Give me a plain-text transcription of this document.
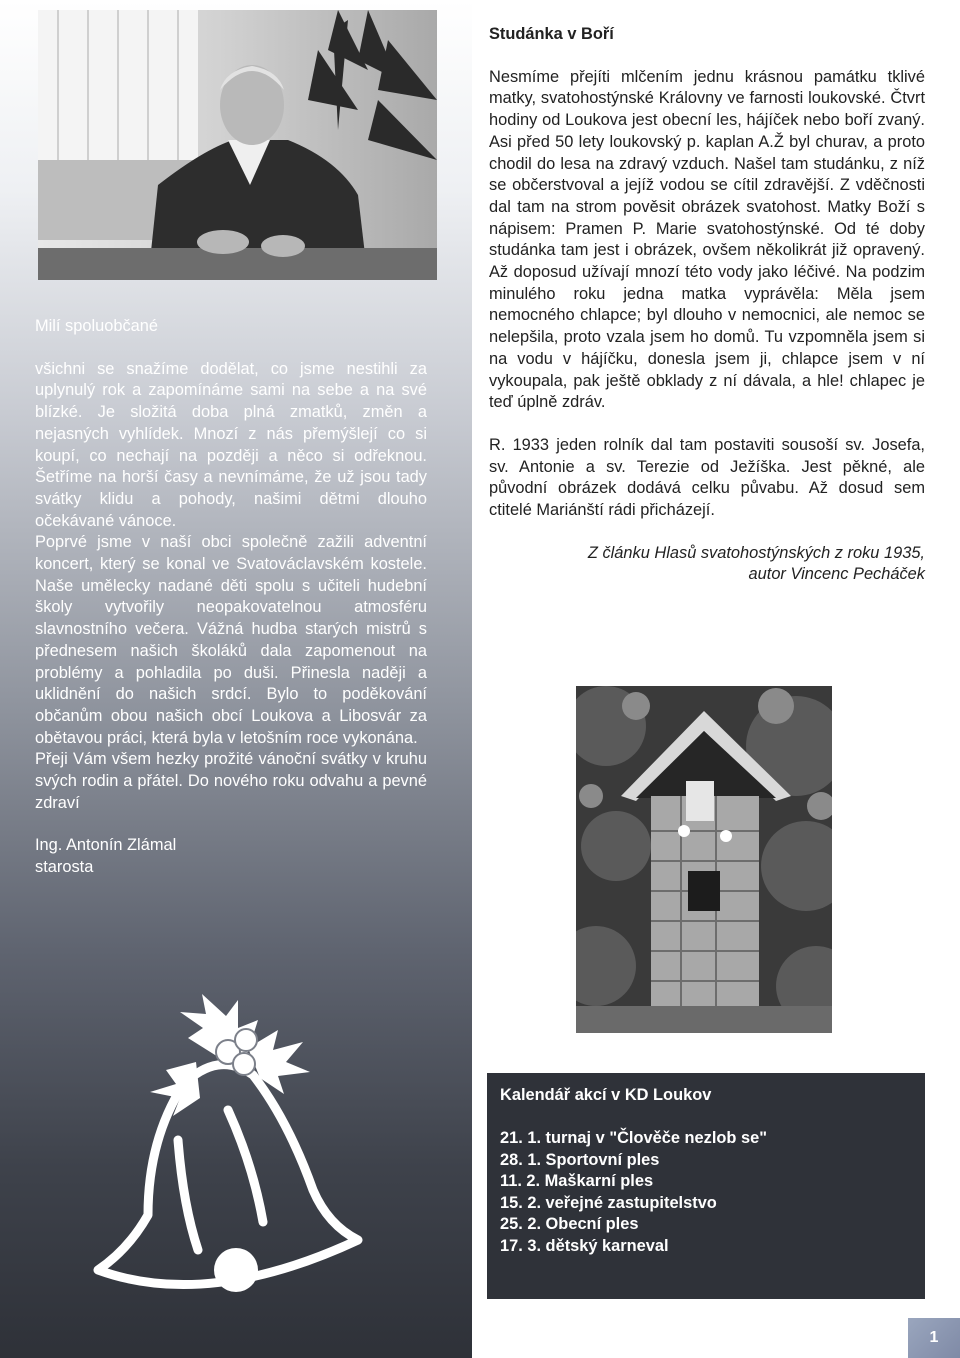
Milí spoluobčané

všichni se snažíme dodělat, co jsme nestihli za uplynulý rok a zapomínáme sami na sebe a na své blízké. Je složitá doba plná zmatků, změn a nejasných vyhlídek. Mnozí z nás přemýšlejí co si koupí, co nechají na později a něco si odřeknou. Šetříme na horší časy a nevnímáme, že už jsou tady svátky klidu a pohody, našimi dětmi dlouho očekávané vánoce.

Poprvé jsme v naší obci společně zažili adventní koncert, který se konal ve Svatováclavském kostele. Naše umělecky nadané děti spolu s učiteli hudební školy vytvořily neopakovatelnou atmosféru slavnostního večera. Vážná hudba starých mistrů s přednesem našich školáků dala zapomenout na problémy a pohladila po duši. Přinesla naději a uklidnění do našich srdcí. Bylo to poděkování občanům obou našich obcí Loukova a Libosvár za obětavou práci, která byla v letošním roce vykonána.

Přeji Vám všem hezky prožité vánoční svátky v kruhu svých rodin a přátel. Do nového roku odvahu a pevné zdraví

Ing. Antonín Zlámal

starosta

Studánka v Boří

Nesmíme přejíti mlčením jednu krásnou památku tklivé matky, svatohostýnské Královny ve farnosti loukovské. Čtvrt hodiny od Loukova jest obecní les, hájíček nebo boří zvaný. Asi před 50 lety loukovský p. kaplan A.Ž byl churav, a proto chodil do lesa na zdravý vzduch. Našel tam studánku, z níž se občerstvoval a jejíž vodou se cítil zdravější. Z vděčnosti dal tam na strom pověsit obrázek svatohost. Matky Boží s nápisem: Pramen P. Marie svatohostýnské. Od té doby studánka tam jest i obrázek, ovšem několikrát již opravený. Až doposud užívají mnozí této vody jako léčivé. Na podzim minulého roku jedna matka vyprávěla: Měla jsem nemocného chlapce; byl dlouho v nemocnici, ale nemoc se nelepšila, proto vzala jsem ho domů. Tu vzpomněla jsem si na vodu v hájíčku, donesla jsem ji, chlapce jsem v ní vykoupala, pak ještě obklady z ní dávala, a hle! chlapec je teď úplně zdráv.

R. 1933 jeden rolník dal tam postaviti sousoší sv. Josefa, sv. Antonie a sv. Terezie od Ježíška. Jest pěkné, ale původní obrázek dodává celku půvabu. Až dosud sem ctitelé Mariánští rádi přicházejí.

Z článku Hlasů svatohostýnských z roku 1935,
autor Vincenc Pecháček
Kalendář akcí v KD Loukov
21. 1. turnaj v "Člověče nezlob se"
28. 1. Sportovní ples
11. 2. Maškarní ples
15. 2. veřejné zastupitelstvo
25. 2. Obecní ples
17. 3. dětský karneval
1
